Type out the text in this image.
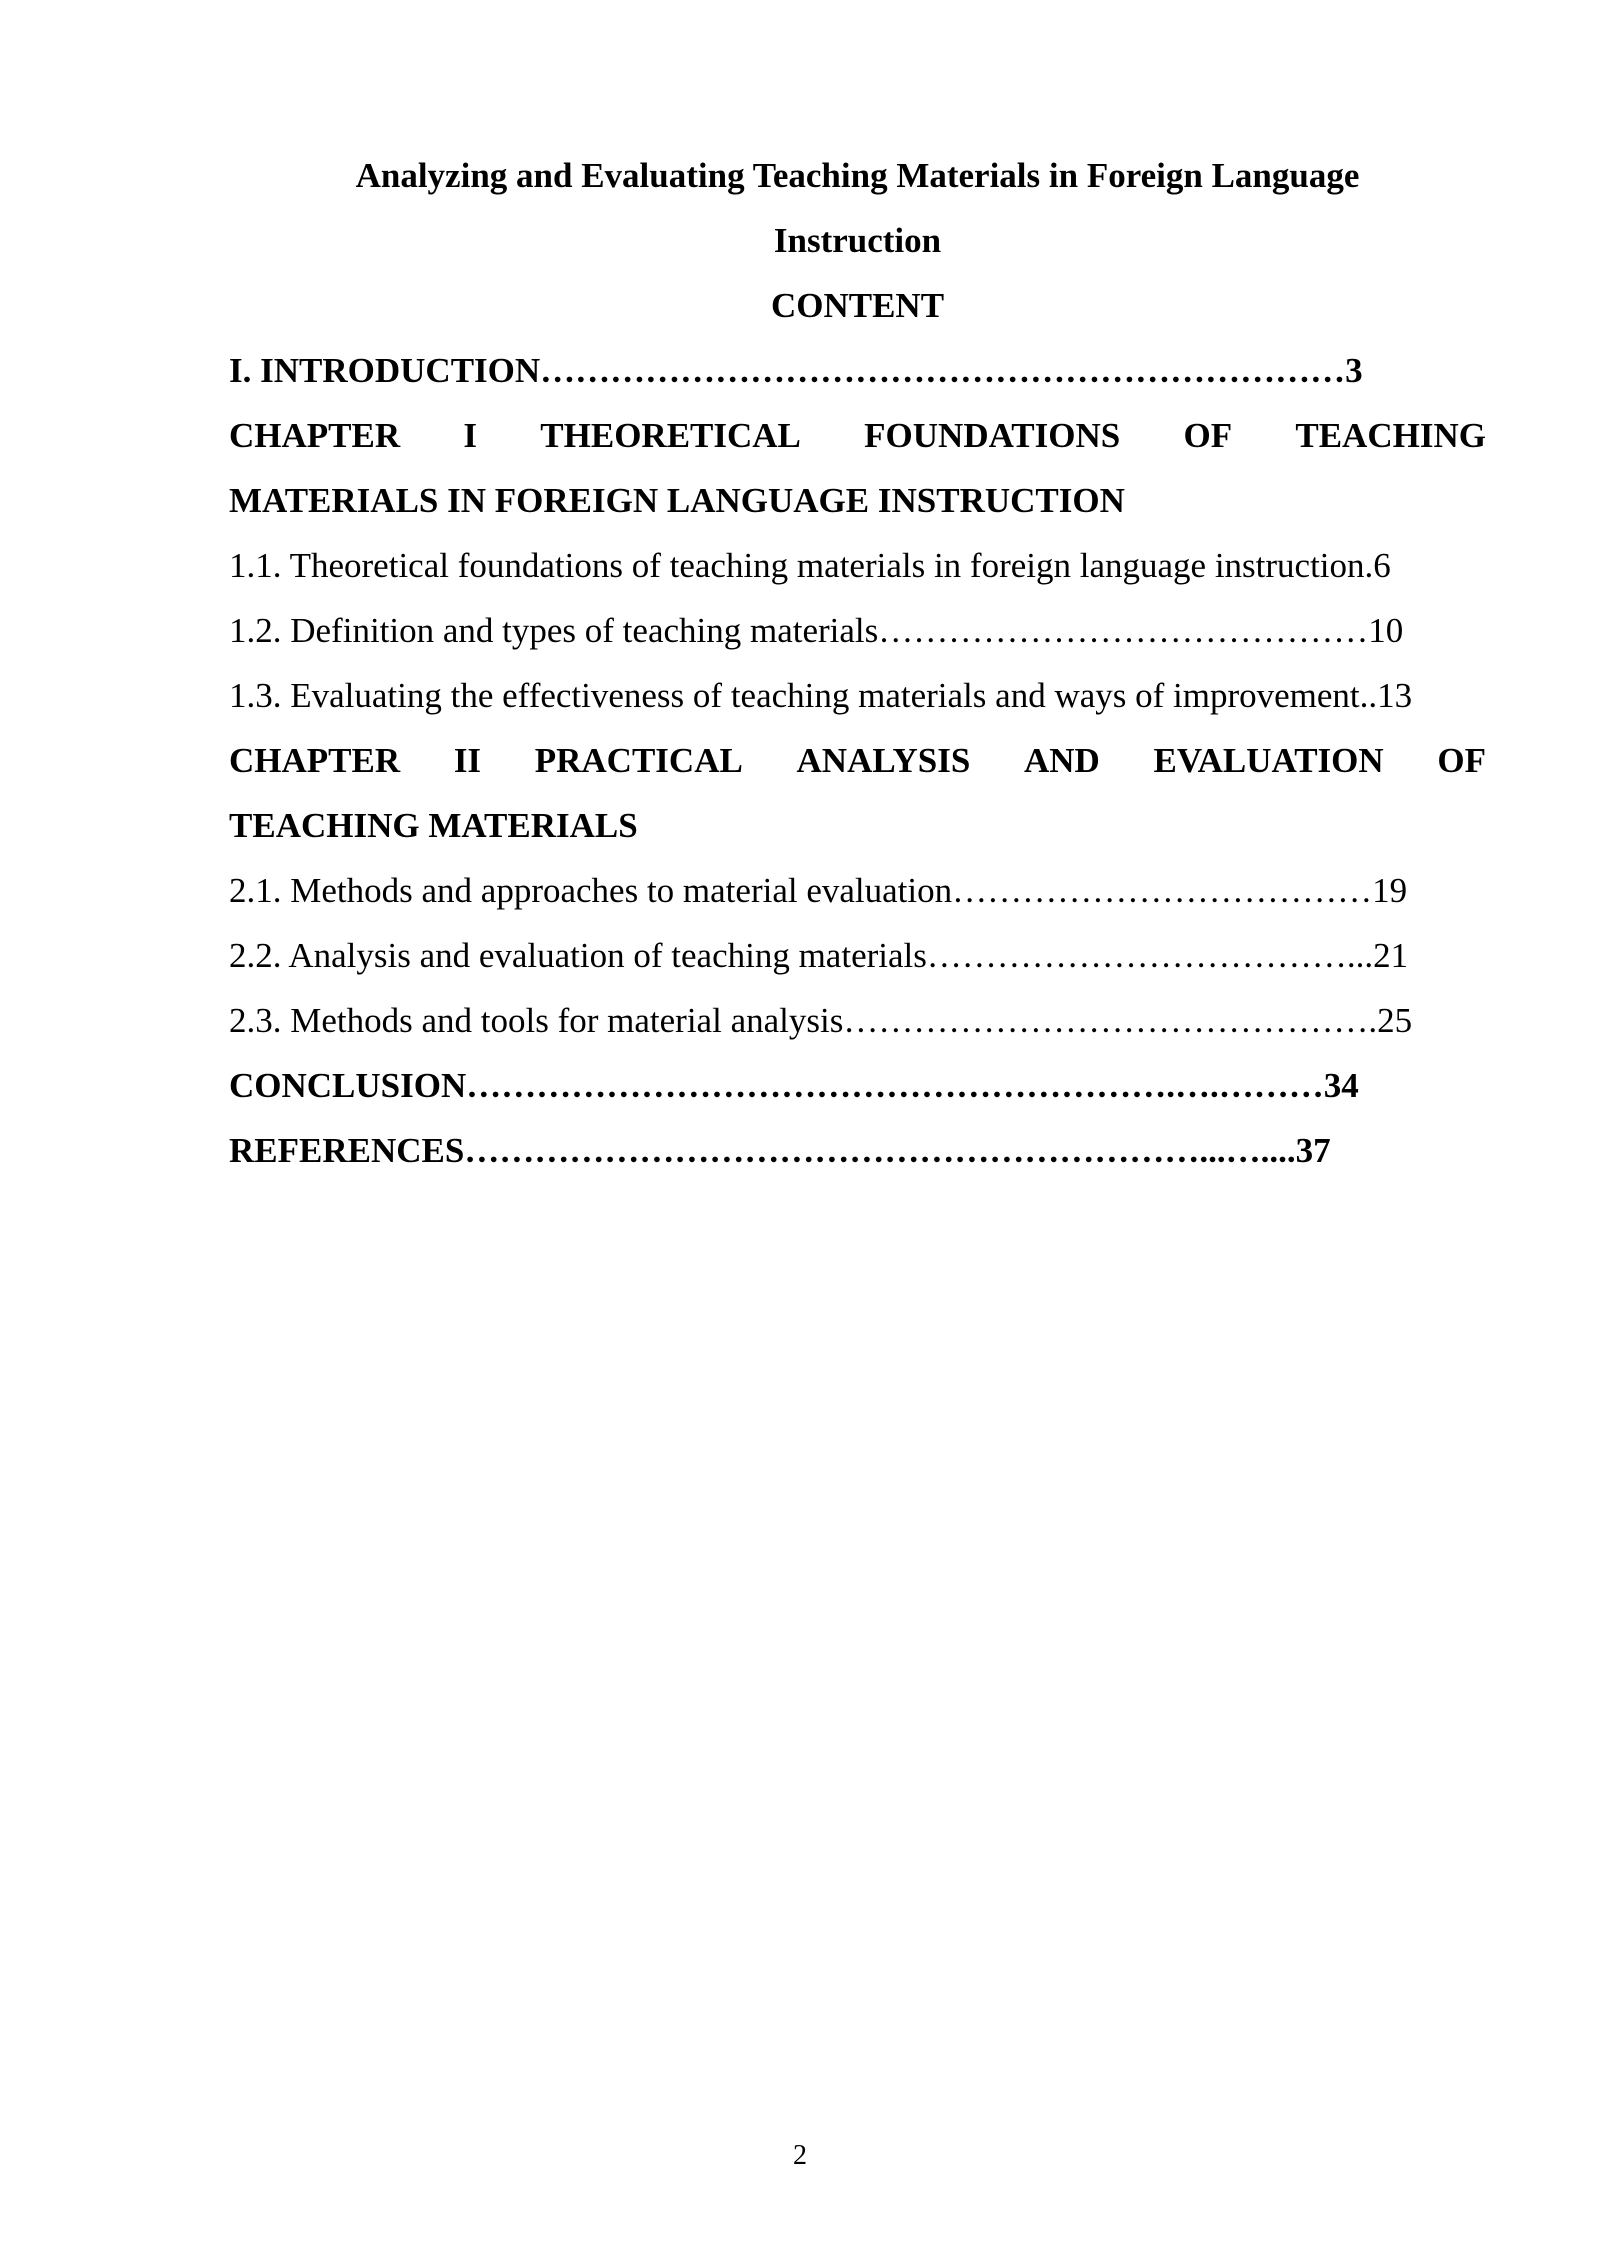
Analyzing and Evaluating Teaching Materials in Foreign Language
Instruction
CONTENT
I. INTRODUCTION……………………………………………………………3
CHAPTER I THEORETICAL FOUNDATIONS OF TEACHING
MATERIALS IN FOREIGN LANGUAGE INSTRUCTION
1.1. Theoretical foundations of teaching materials in foreign language instruction.6
1.2. Definition and types of teaching materials……………………………………10
1.3. Evaluating the effectiveness of teaching materials and ways of improvement..13
CHAPTER II PRACTICAL ANALYSIS AND EVALUATION OF
TEACHING MATERIALS
2.1. Methods and approaches to material evaluation………………………………19
2.2. Analysis and evaluation of teaching materials………………………………...21
2.3. Methods and tools for material analysis……………………………………….25
CONCLUSION…………………………………………………….….………34
REFERENCES………………………………………………………...…....37
2
